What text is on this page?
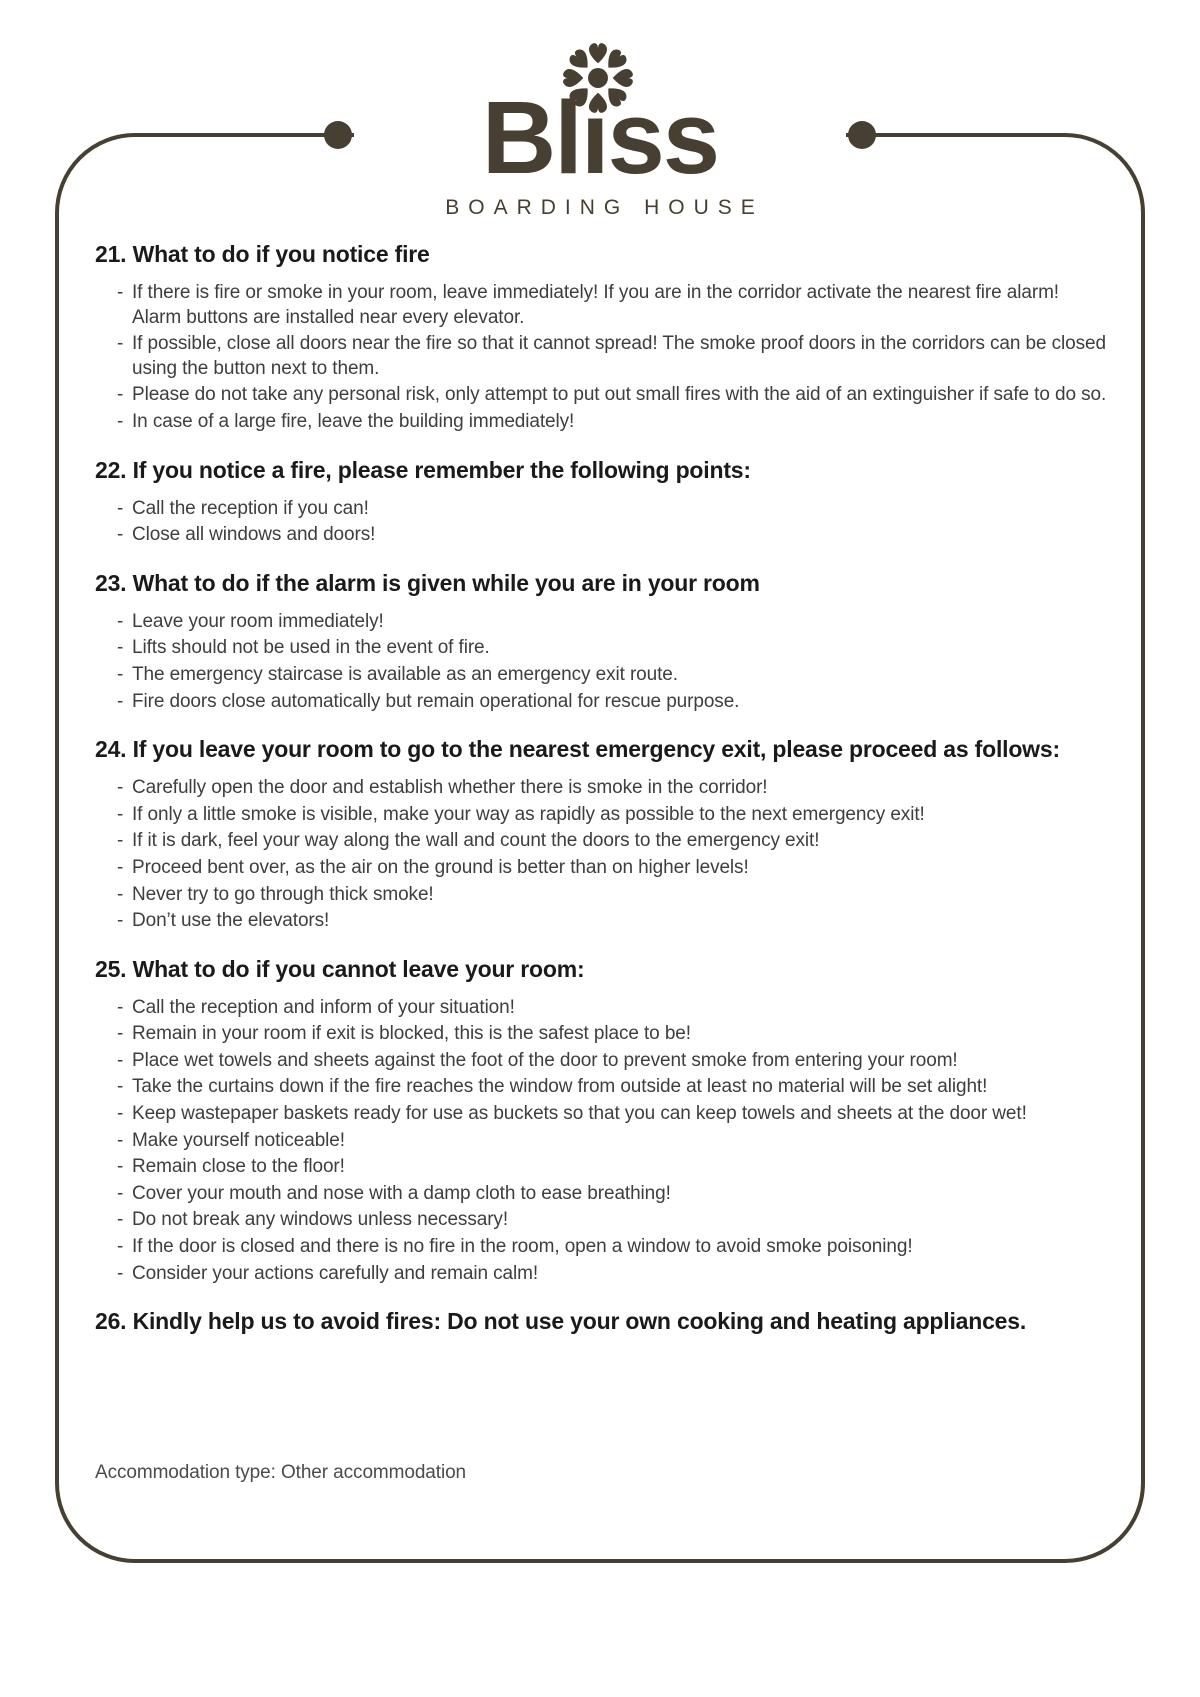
Blıss
BOARDING HOUSE
21. What to do if you notice fire
- If there is fire or smoke in your room, leave immediately! If you are in the corridor activate the nearest fire alarm! Alarm buttons are installed near every elevator.
- If possible, close all doors near the fire so that it cannot spread! The smoke proof doors in the corridors can be closed using the button next to them.
- Please do not take any personal risk, only attempt to put out small fires with the aid of an extinguisher if safe to do so.
- In case of a large fire, leave the building immediately!
22. If you notice a fire, please remember the following points:
- Call the reception if you can!
- Close all windows and doors!
23. What to do if the alarm is given while you are in your room
- Leave your room immediately!
- Lifts should not be used in the event of fire.
- The emergency staircase is available as an emergency exit route.
- Fire doors close automatically but remain operational for rescue purpose.
24. If you leave your room to go to the nearest emergency exit, please proceed as follows:
- Carefully open the door and establish whether there is smoke in the corridor!
- If only a little smoke is visible, make your way as rapidly as possible to the next emergency exit!
- If it is dark, feel your way along the wall and count the doors to the emergency exit!
- Proceed bent over, as the air on the ground is better than on higher levels!
- Never try to go through thick smoke!
- Don’t use the elevators!
25. What to do if you cannot leave your room:
- Call the reception and inform of your situation!
- Remain in your room if exit is blocked, this is the safest place to be!
- Place wet towels and sheets against the foot of the door to prevent smoke from entering your room!
- Take the curtains down if the fire reaches the window from outside at least no material will be set alight!
- Keep wastepaper baskets ready for use as buckets so that you can keep towels and sheets at the door wet!
- Make yourself noticeable!
- Remain close to the floor!
- Cover your mouth and nose with a damp cloth to ease breathing!
- Do not break any windows unless necessary!
- If the door is closed and there is no fire in the room, open a window to avoid smoke poisoning!
- Consider your actions carefully and remain calm!
26. Kindly help us to avoid fires: Do not use your own cooking and heating appliances.
Accommodation type: Other accommodation
